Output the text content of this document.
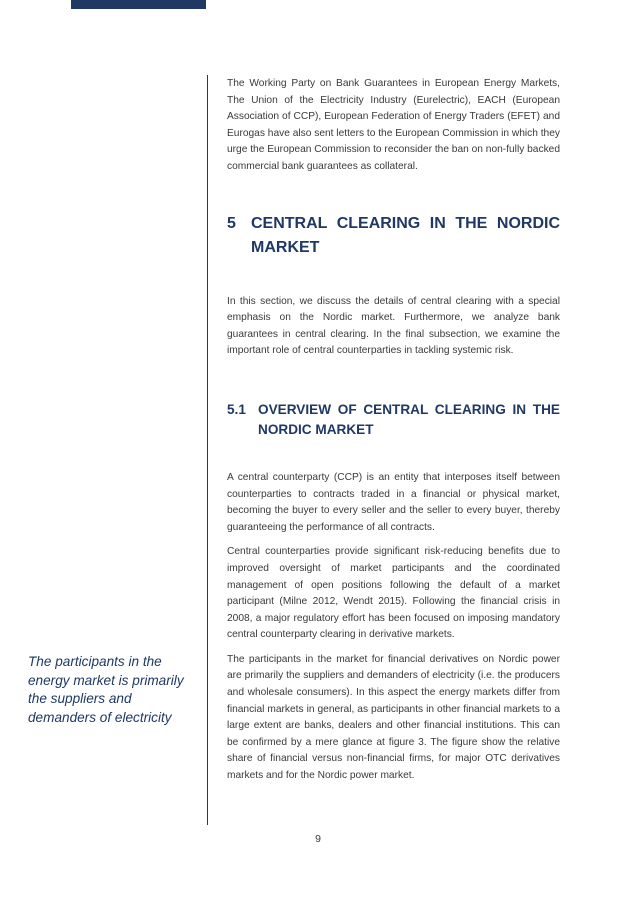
The participants in the energy market is primarily the suppliers and demanders of electricity

The Working Party on Bank Guarantees in European Energy Markets, The Union of the Electricity Industry (Eurelectric), EACH (European Association of CCP), European Federation of Energy Traders (EFET) and Eurogas have also sent letters to the European Commission in which they urge the European Commission to reconsider the ban on non-fully backed commercial bank guarantees as collateral.

5 CENTRAL CLEARING IN THE NORDIC MARKET

In this section, we discuss the details of central clearing with a special emphasis on the Nordic market. Furthermore, we analyze bank guarantees in central clearing. In the final subsection, we examine the important role of central counterparties in tackling systemic risk.

5.1 OVERVIEW OF CENTRAL CLEARING IN THE NORDIC MARKET

A central counterparty (CCP) is an entity that interposes itself between counterparties to contracts traded in a financial or physical market, becoming the buyer to every seller and the seller to every buyer, thereby guaranteeing the performance of all contracts.

Central counterparties provide significant risk-reducing benefits due to improved oversight of market participants and the coordinated management of open positions following the default of a market participant (Milne 2012, Wendt 2015). Following the financial crisis in 2008, a major regulatory effort has been focused on imposing mandatory central counterparty clearing in derivative markets.

The participants in the market for financial derivatives on Nordic power are primarily the suppliers and demanders of electricity (i.e. the producers and wholesale consumers). In this aspect the energy markets differ from financial markets in general, as participants in other financial markets to a large extent are banks, dealers and other financial institutions. This can be confirmed by a mere glance at figure 3. The figure show the relative share of financial versus non-financial firms, for major OTC derivatives markets and for the Nordic power market.

9
